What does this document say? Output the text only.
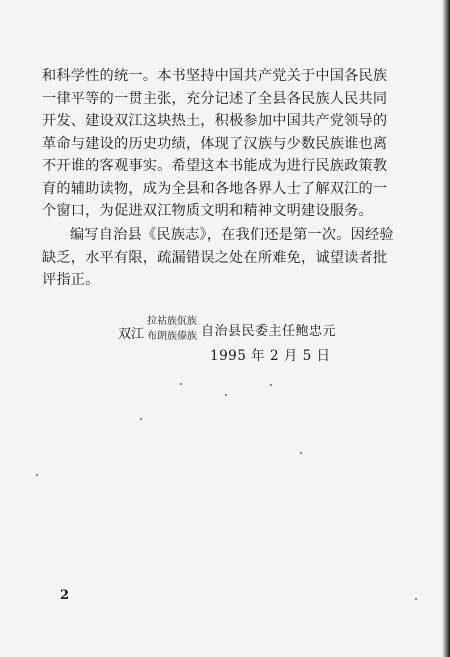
和科学性的统一。本书坚持中国共产党关于中国各民族
一律平等的一贯主张，充分记述了全县各民族人民共同
开发、建设双江这块热土，积极参加中国共产党领导的
革命与建设的历史功绩，体现了汉族与少数民族谁也离
不开谁的客观事实。希望这本书能成为进行民族政策教
育的辅助读物，成为全县和各地各界人士了解双江的一
个窗口，为促进双江物质文明和精神文明建设服务。
编写自治县《民族志》，在我们还是第一次。因经验
缺乏，水平有限，疏漏错误之处在所难免，诚望读者批
评指正。
双江
拉祜族佤族
布朗族傣族 自治县民委主任鲍忠元
1995 年 2 月 5 日
2
